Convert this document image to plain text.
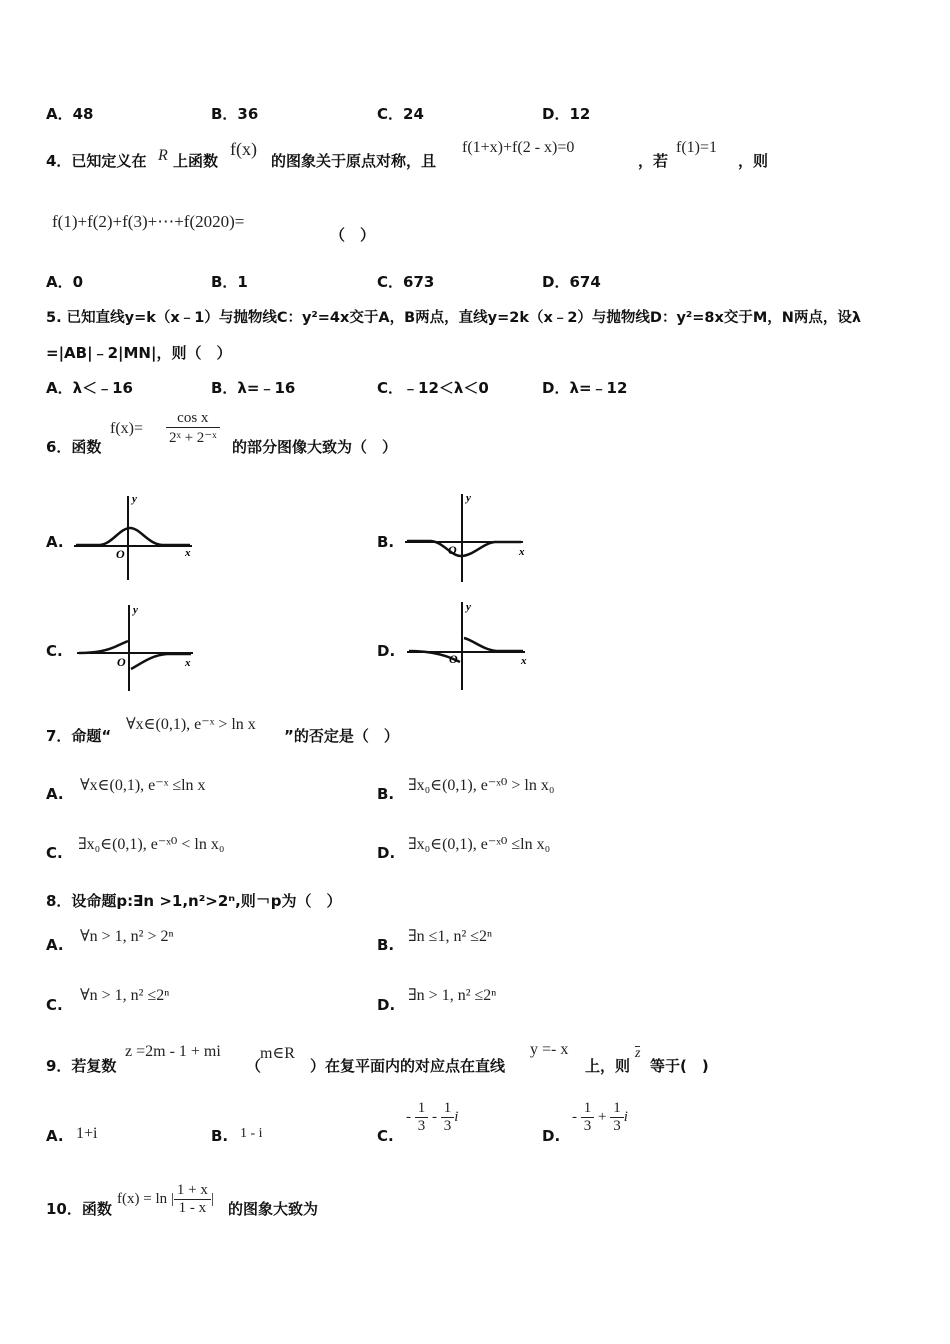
A．48	B．36	C．24	D．12
4．已知定义在 R 上函数
f(x)
的图象关于原点对称，且
f(1+x)+f(2 - x)=0
，若
f(1)=1
，则
f(1)+f(2)+f(3)+⋯+f(2020)=
（　）
A．0	B．1	C．673	D．674
5. 已知直线y=k（x﹣1）与抛物线C：y²=4x交于A，B两点，直线y=2k（x﹣2）与抛物线D：y²=8x交于M，N两点，设λ
=|AB|﹣2|MN|，则（　）
A．λ＜﹣16	B．λ=﹣16	C．﹣12＜λ＜0	D．λ=﹣12
6．函数
$f(x)= \frac{\text{cos x}}{\text{2ˣ + 2⁻ˣ}}$ 的部分图像大致为（　）
A.	B.
C.	D.
y
x
O
y
x
O
y
x
O
y
x
O
7．命题“
∀x∈(0,1), e⁻ˣ > ln x
”的否定是（　）
A. ∀x∈(0,1), e⁻ˣ ≤ln x	B. ∃x₀∈(0,1), e⁻ˣ⁰ > ln x₀
C. ∃x₀∈(0,1), e⁻ˣ⁰ < ln x₀	D. ∃x₀∈(0,1), e⁻ˣ⁰ ≤ln x₀
8．设命题p:∃n >1,n²>2ⁿ,则￢p为（　）
A. ∀n > 1, n² > 2ⁿ	B. ∃n ≤1, n² ≤2ⁿ
C.
∀n > 1, n² ≤2ⁿ
D.
∃n > 1, n² ≤2ⁿ
9．若复数
z =2m - 1 + mi
（
m∈R
）在复平面内的对应点在直线
y =- x
上，则
z
等于(　)
A. 1+i	B. 1 - i	C.
- $\frac{1}{3} - \frac{1}{3}$ i
D.
- $\frac{1}{3} + \frac{1}{3}$ i
10．函数
f(x) = ln | $\frac{1 + x}{1 - x}$ |
的图象大致为
